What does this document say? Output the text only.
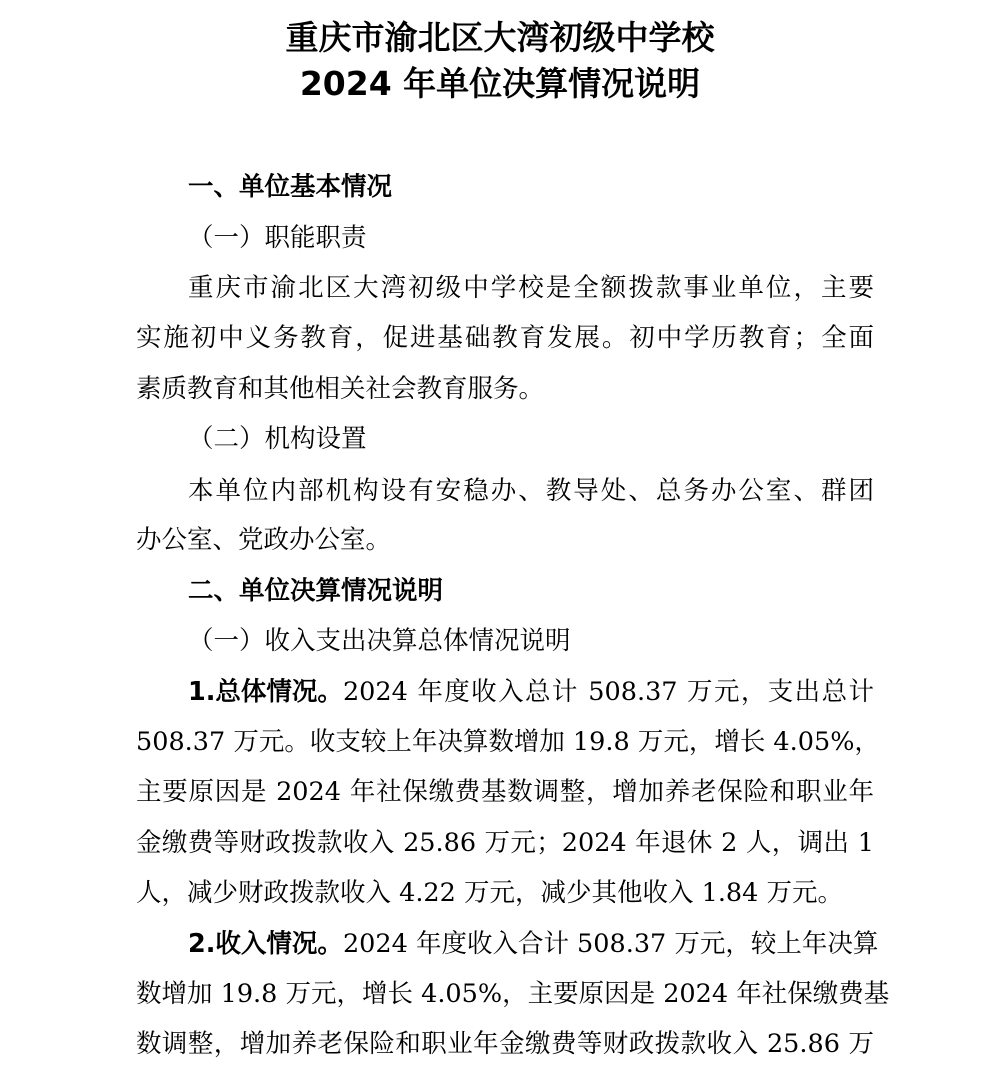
重庆市渝北区大湾初级中学校
2024 年单位决算情况说明
一、单位基本情况
（一）职能职责
重庆市渝北区大湾初级中学校是全额拨款事业单位，主要
实施初中义务教育，促进基础教育发展。初中学历教育；全面
素质教育和其他相关社会教育服务。
（二）机构设置
本单位内部机构设有安稳办、教导处、总务办公室、群团
办公室、党政办公室。
二、单位决算情况说明
（一）收入支出决算总体情况说明
1.总体情况。 2024 年度收入总计 508.37 万元，支出总计
508.37 万元。收支较上年决算数增加 19.8 万元，增长 4.05%，
主要原因是 2024 年社保缴费基数调整，增加养老保险和职业年
金缴费等财政拨款收入 25.86 万元；2024 年退休 2 人，调出 1
人，减少财政拨款收入 4.22 万元，减少其他收入 1.84 万元。
2.收入情况。 2024 年度收入合计 508.37 万元，较上年决算
数增加 19.8 万元，增长 4.05%，主要原因是 2024 年社保缴费基
数调整，增加养老保险和职业年金缴费等财政拨款收入 25.86 万
